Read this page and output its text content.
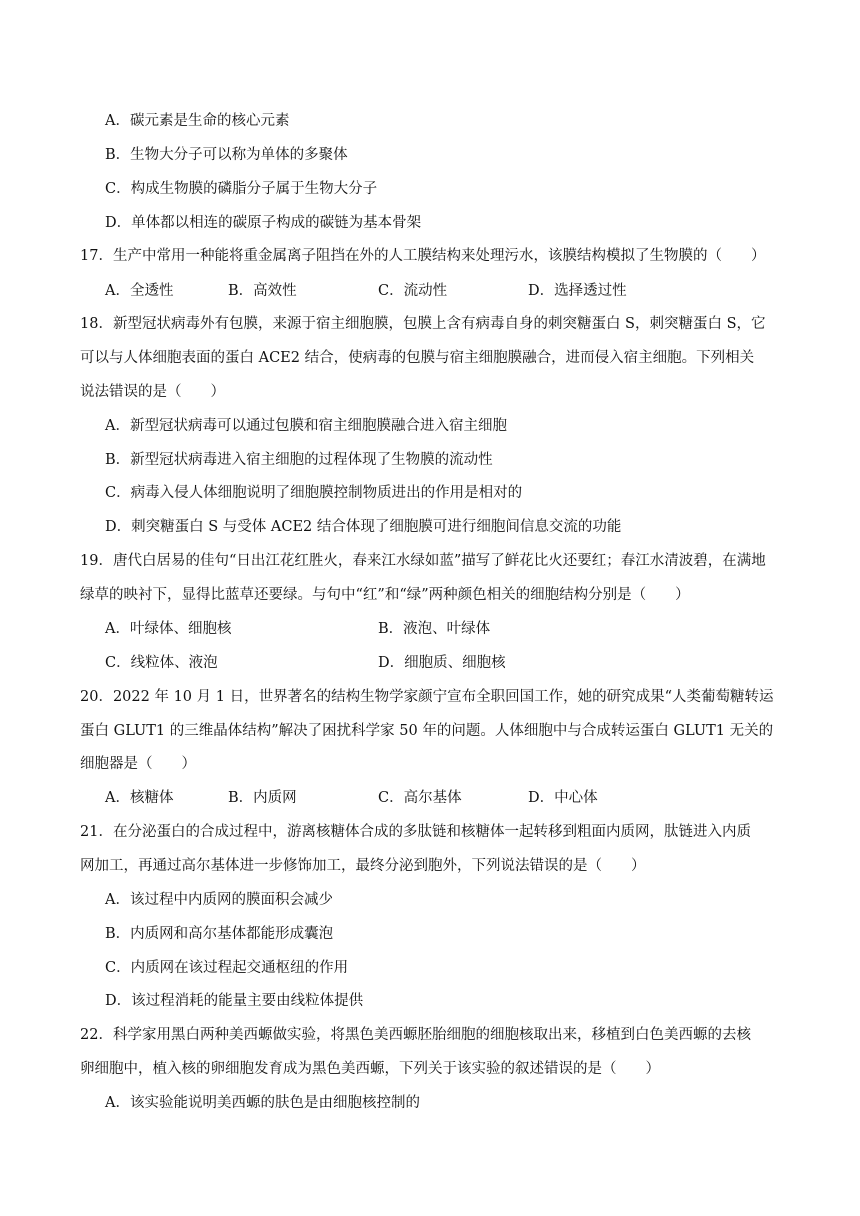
A．碳元素是生命的核心元素
B．生物大分子可以称为单体的多聚体
C．构成生物膜的磷脂分子属于生物大分子
D．单体都以相连的碳原子构成的碳链为基本骨架
17．生产中常用一种能将重金属离子阻挡在外的人工膜结构来处理污水，该膜结构模拟了生物膜的（　　）
A．全透性	B．高效性	C．流动性	D．选择透过性
18．新型冠状病毒外有包膜，来源于宿主细胞膜，包膜上含有病毒自身的刺突糖蛋白 S，刺突糖蛋白 S，它
可以与人体细胞表面的蛋白 ACE2 结合，使病毒的包膜与宿主细胞膜融合，进而侵入宿主细胞。下列相关
说法错误的是（　　）
A．新型冠状病毒可以通过包膜和宿主细胞膜融合进入宿主细胞
B．新型冠状病毒进入宿主细胞的过程体现了生物膜的流动性
C．病毒入侵人体细胞说明了细胞膜控制物质进出的作用是相对的
D．刺突糖蛋白 S 与受体 ACE2 结合体现了细胞膜可进行细胞间信息交流的功能
19．唐代白居易的佳句“日出江花红胜火，春来江水绿如蓝”描写了鲜花比火还要红；春江水清波碧，在满地
绿草的映衬下，显得比蓝草还要绿。与句中“红”和“绿”两种颜色相关的细胞结构分别是（　　）
A．叶绿体、细胞核	B．液泡、叶绿体
C．线粒体、液泡	D．细胞质、细胞核
20．2022 年 10 月 1 日，世界著名的结构生物学家颜宁宣布全职回国工作，她的研究成果“人类葡萄糖转运
蛋白 GLUT1 的三维晶体结构”解决了困扰科学家 50 年的问题。人体细胞中与合成转运蛋白 GLUT1 无关的
细胞器是（　　）
A．核糖体	B．内质网	C．高尔基体	D．中心体
21．在分泌蛋白的合成过程中，游离核糖体合成的多肽链和核糖体一起转移到粗面内质网，肽链进入内质
网加工，再通过高尔基体进一步修饰加工，最终分泌到胞外，下列说法错误的是（　　）
A．该过程中内质网的膜面积会减少
B．内质网和高尔基体都能形成囊泡
C．内质网在该过程起交通枢纽的作用
D．该过程消耗的能量主要由线粒体提供
22．科学家用黑白两种美西螈做实验，将黑色美西螈胚胎细胞的细胞核取出来，移植到白色美西螈的去核
卵细胞中，植入核的卵细胞发育成为黑色美西螈，下列关于该实验的叙述错误的是（　　）
A．该实验能说明美西螈的肤色是由细胞核控制的
